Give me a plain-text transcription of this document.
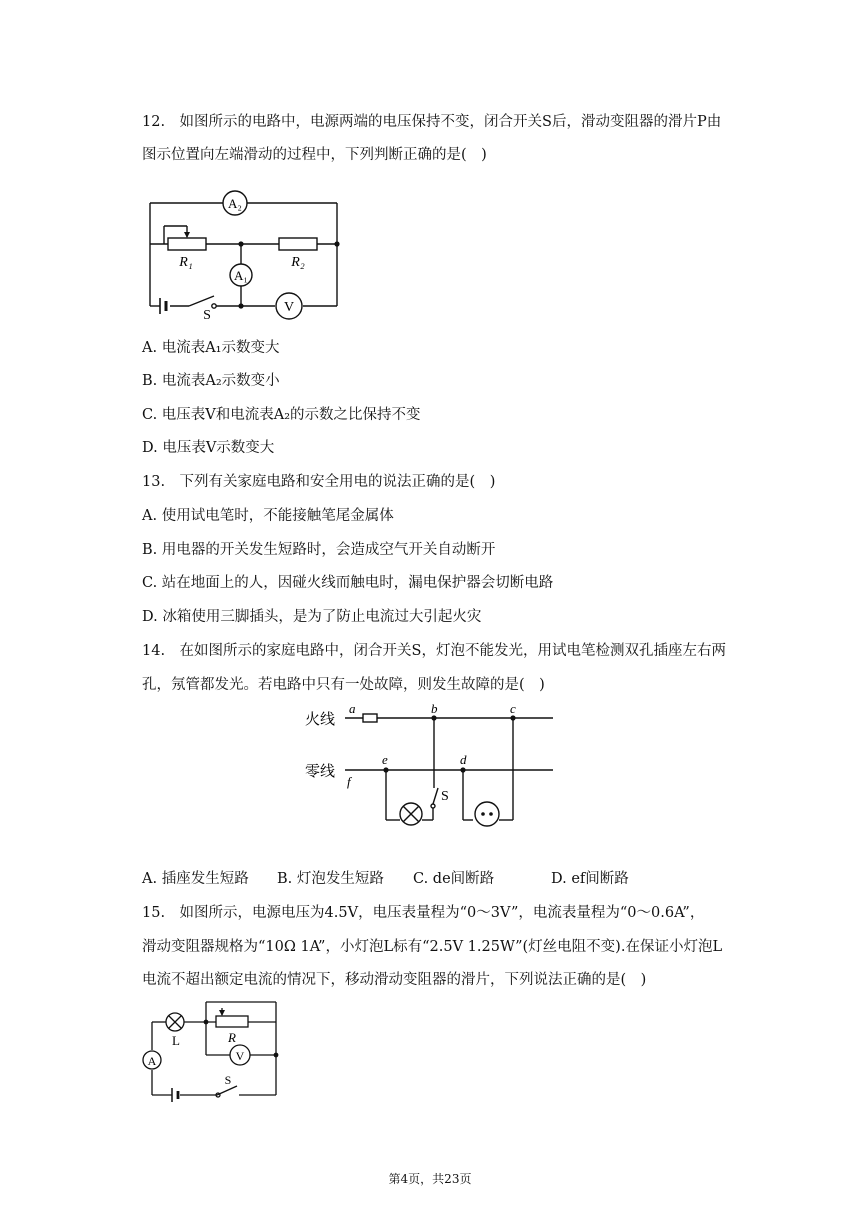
12.　如图所示的电路中，电源两端的电压保持不变，闭合开关S后，滑动变阻器的滑片P由
图示位置向左端滑动的过程中，下列判断正确的是(　)
A₂
A₁
V
R₁	R₂
S
A. 电流表A₁示数变大
B. 电流表A₂示数变小
C. 电压表V和电流表A₂的示数之比保持不变
D. 电压表V示数变大
13.　下列有关家庭电路和安全用电的说法正确的是(　)
A. 使用试电笔时，不能接触笔尾金属体
B. 用电器的开关发生短路时，会造成空气开关自动断开
C. 站在地面上的人，因碰火线而触电时，漏电保护器会切断电路
D. 冰箱使用三脚插头，是为了防止电流过大引起火灾
14.　在如图所示的家庭电路中，闭合开关S，灯泡不能发光，用试电笔检测双孔插座左右两
孔，氖管都发光。若电路中只有一处故障，则发生故障的是(　)
火线
零线
a	b	c
d
e
f
S
A. 插座发生短路 B. 灯泡发生短路 C. de间断路	D. ef间断路
15.　如图所示，电源电压为4.5V，电压表量程为“0～3V”，电流表量程为“0～0.6A”，
滑动变阻器规格为“10Ω 1A”，小灯泡L标有“2.5V 1.25W”(灯丝电阻不变).在保证小灯泡L
电流不超出额定电流的情况下，移动滑动变阻器的滑片，下列说法正确的是(　)
L	R
V
A
S
第4页，共23页
